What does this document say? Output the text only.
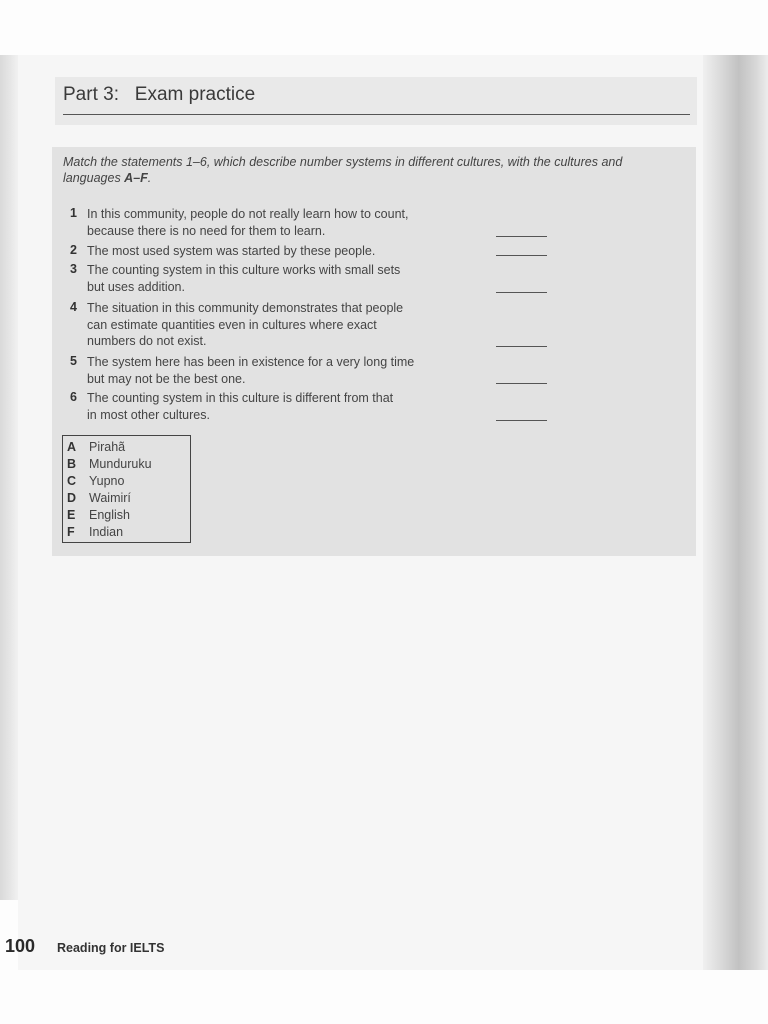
Part 3:   Exam practice
Match the statements 1–6, which describe number systems in different cultures, with the cultures and languages A–F.
1 In this community, people do not really learn how to count,
because there is no need for them to learn.
2 The most used system was started by these people.
3 The counting system in this culture works with small sets
but uses addition.
4 The situation in this community demonstrates that people
can estimate quantities even in cultures where exact
numbers do not exist.
5 The system here has been in existence for a very long time
but may not be the best one.
6 The counting system in this culture is different from that
in most other cultures.
A Pirahã
B Munduruku
C Yupno
D Waimirí
E English
F Indian
100 Reading for IELTS
